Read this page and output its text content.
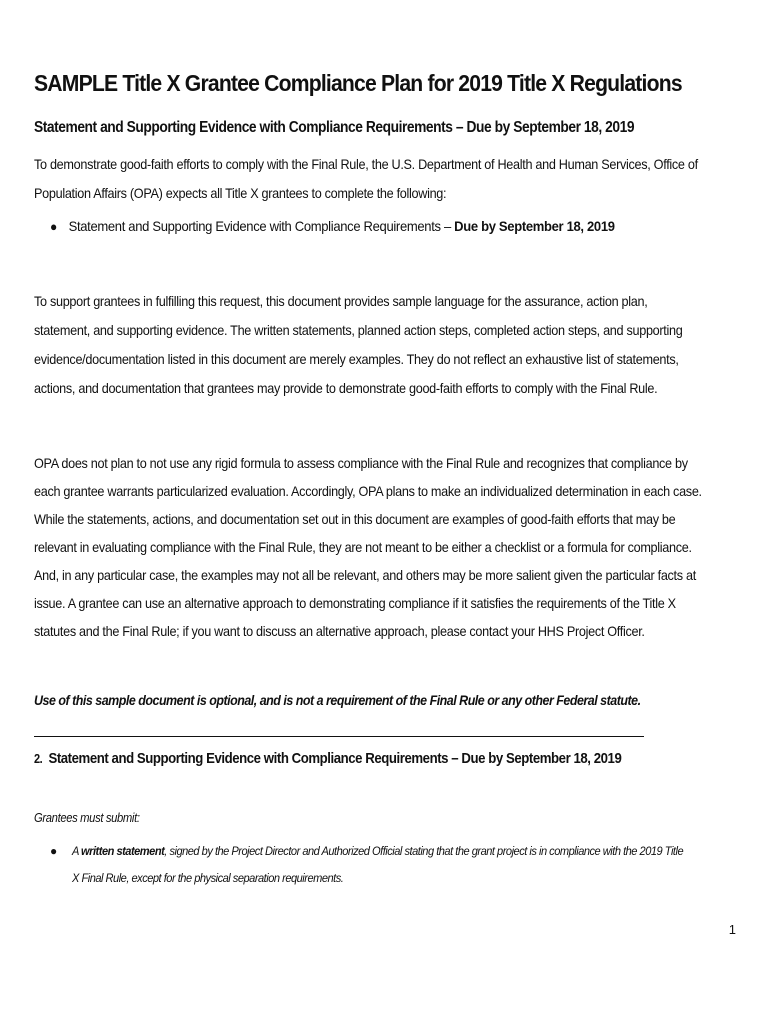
SAMPLE Title X Grantee Compliance Plan for 2019 Title X Regulations
Statement and Supporting Evidence with Compliance Requirements – Due by September 18, 2019
To demonstrate good-faith efforts to comply with the Final Rule, the U.S. Department of Health and Human Services, Office of
Population Affairs (OPA) expects all Title X grantees to complete the following:
● Statement and Supporting Evidence with Compliance Requirements – Due by September 18, 2019
To support grantees in fulfilling this request, this document provides sample language for the assurance, action plan,
statement, and supporting evidence. The written statements, planned action steps, completed action steps, and supporting
evidence/documentation listed in this document are merely examples. They do not reflect an exhaustive list of statements,
actions, and documentation that grantees may provide to demonstrate good-faith efforts to comply with the Final Rule.
OPA does not plan to not use any rigid formula to assess compliance with the Final Rule and recognizes that compliance by
each grantee warrants particularized evaluation. Accordingly, OPA plans to make an individualized determination in each case.
While the statements, actions, and documentation set out in this document are examples of good-faith efforts that may be
relevant in evaluating compliance with the Final Rule, they are not meant to be either a checklist or a formula for compliance.
And, in any particular case, the examples may not all be relevant, and others may be more salient given the particular facts at
issue. A grantee can use an alternative approach to demonstrating compliance if it satisfies the requirements of the Title X
statutes and the Final Rule; if you want to discuss an alternative approach, please contact your HHS Project Officer.
Use of this sample document is optional, and is not a requirement of the Final Rule or any other Federal statute.
2. Statement and Supporting Evidence with Compliance Requirements – Due by September 18, 2019
Grantees must submit:
● A written statement, signed by the Project Director and Authorized Official stating that the grant project is in compliance with the 2019 Title
X Final Rule, except for the physical separation requirements.
1
